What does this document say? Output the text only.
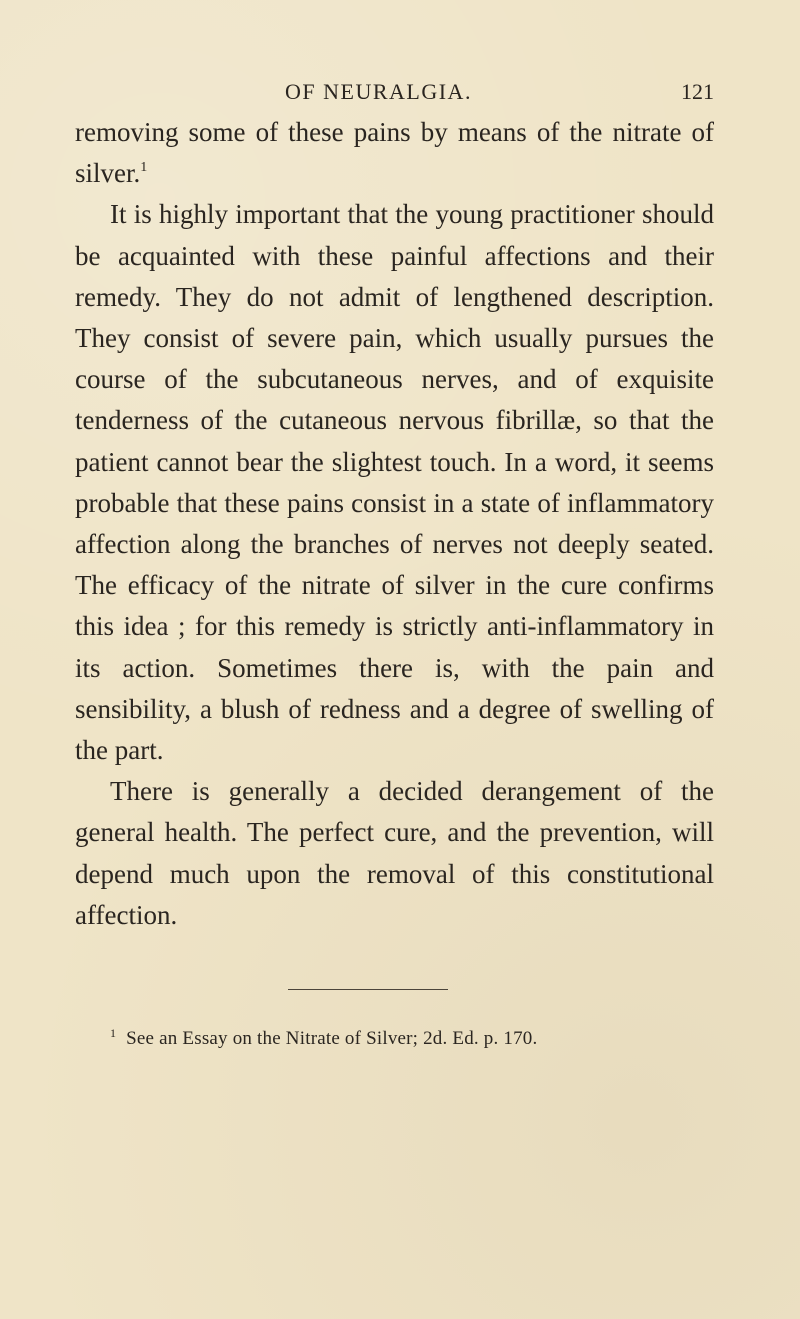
OF NEURALGIA.	121

removing some of these pains by means of the nitrate of silver.$^1$

It is highly important that the young practitioner should be acquainted with these painful affections and their remedy. They do not admit of lengthened description. They consist of severe pain, which usually pursues the course of the subcutaneous nerves, and of exquisite tenderness of the cutaneous nervous fibrillæ, so that the patient cannot bear the slightest touch. In a word, it seems probable that these pains consist in a state of inflammatory affection along the branches of nerves not deeply seated. The efficacy of the nitrate of silver in the cure confirms this idea ; for this remedy is strictly anti-inflammatory in its action. Sometimes there is, with the pain and sensibility, a blush of redness and a degree of swelling of the part.

There is generally a decided derangement of the general health. The perfect cure, and the prevention, will depend much upon the removal of this constitutional affection.

$^1$ See an Essay on the Nitrate of Silver; 2d. Ed. p. 170.
